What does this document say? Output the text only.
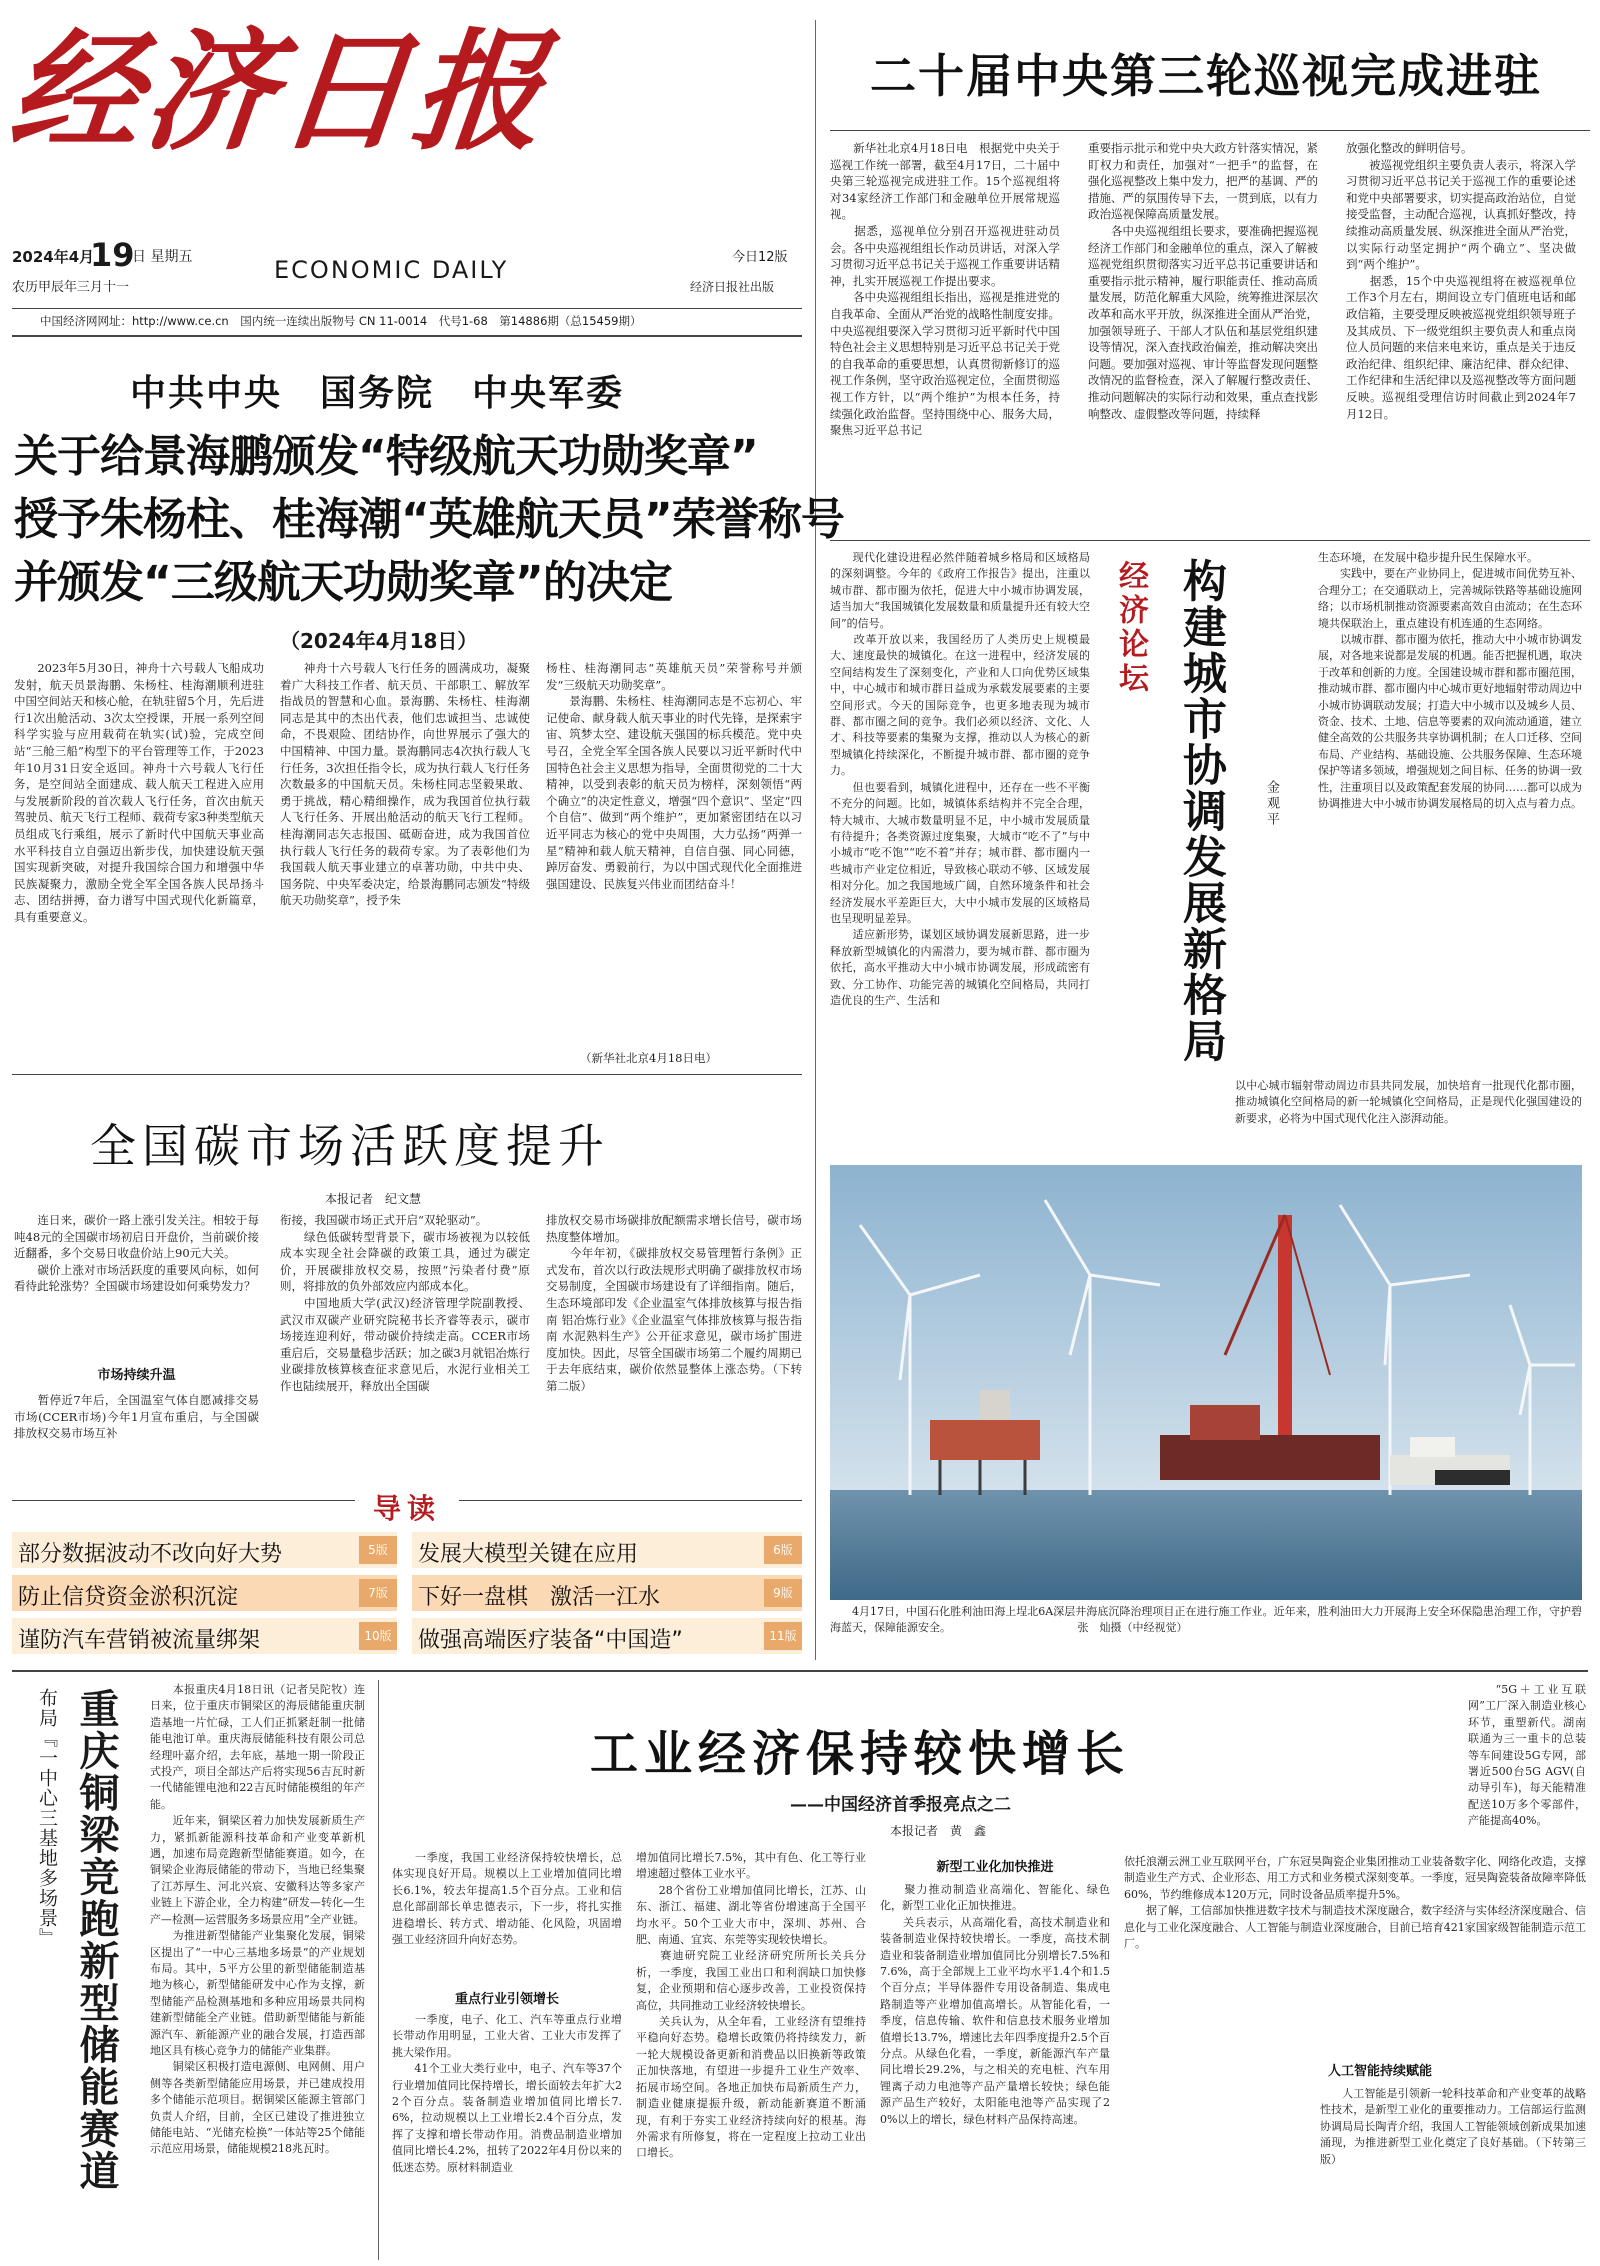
经济日报
2024年4月
19
日 星期五
农历甲辰年三月十一
ECONOMIC DAILY	今日12版
经济日报社出版
中国经济网网址：http://www.ce.cn　国内统一连续出版物号 CN 11-0014　代号1-68　第14886期（总15459期）
二十届中央第三轮巡视完成进驻
　　新华社北京4月18日电　根据党中央关于巡视工作统一部署，截至4月17日，二十届中央第三轮巡视完成进驻工作。15个巡视组将对34家经济工作部门和金融单位开展常规巡视。
　　据悉，巡视单位分别召开巡视进驻动员会。各中央巡视组组长作动员讲话，对深入学习贯彻习近平总书记关于巡视工作重要讲话精神，扎实开展巡视工作提出要求。
　　各中央巡视组组长指出，巡视是推进党的自我革命、全面从严治党的战略性制度安排。中央巡视组要深入学习贯彻习近平新时代中国特色社会主义思想特别是习近平总书记关于党的自我革命的重要思想，认真贯彻新修订的巡视工作条例，坚守政治巡视定位，全面贯彻巡视工作方针，以“两个维护”为根本任务，持续强化政治监督。坚持围绕中心、服务大局，聚焦习近平总书记
重要指示批示和党中央大政方针落实情况，紧盯权力和责任，加强对“一把手”的监督，在强化巡视整改上集中发力，把严的基调、严的措施、严的氛围传导下去，一贯到底，以有力政治巡视保障高质量发展。
　　各中央巡视组组长要求，要准确把握巡视经济工作部门和金融单位的重点，深入了解被巡视党组织贯彻落实习近平总书记重要讲话和重要指示批示精神，履行职能责任、推动高质量发展，防范化解重大风险，统筹推进深层次改革和高水平开放，纵深推进全面从严治党，加强领导班子、干部人才队伍和基层党组织建设等情况，深入查找政治偏差，推动解决突出问题。要加强对巡视、审计等监督发现问题整改情况的监督检查，深入了解履行整改责任、推动问题解决的实际行动和效果，重点查找影响整改、虚假整改等问题，持续释
放强化整改的鲜明信号。
　　被巡视党组织主要负责人表示，将深入学习贯彻习近平总书记关于巡视工作的重要论述和党中央部署要求，切实提高政治站位，自觉接受监督，主动配合巡视，认真抓好整改，持续推动高质量发展、纵深推进全面从严治党，以实际行动坚定拥护“两个确立”、坚决做到“两个维护”。
　　据悉，15个中央巡视组将在被巡视单位工作3个月左右，期间设立专门值班电话和邮政信箱，主要受理反映被巡视党组织领导班子及其成员、下一级党组织主要负责人和重点岗位人员问题的来信来电来访，重点是关于违反政治纪律、组织纪律、廉洁纪律、群众纪律、工作纪律和生活纪律以及巡视整改等方面问题反映。巡视组受理信访时间截止到2024年7月12日。
中共中央　国务院　中央军委
关于给景海鹏颁发“特级航天功勋奖章”
授予朱杨柱、桂海潮“英雄航天员”荣誉称号
并颁发“三级航天功勋奖章”的决定
（2024年4月18日）
　　2023年5月30日，神舟十六号载人飞船成功发射，航天员景海鹏、朱杨柱、桂海潮顺利进驻中国空间站天和核心舱，在轨驻留5个月，先后进行1次出舱活动、3次太空授课，开展一系列空间科学实验与应用载荷在轨实(试)验，完成空间站“三舱三船”构型下的平台管理等工作，于2023年10月31日安全返回。神舟十六号载人飞行任务，是空间站全面建成、载人航天工程进入应用与发展新阶段的首次载人飞行任务，首次由航天驾驶员、航天飞行工程师、载荷专家3种类型航天员组成飞行乘组，展示了新时代中国航天事业高水平科技自立自强迈出新步伐，加快建设航天强国实现新突破，对提升我国综合国力和增强中华民族凝聚力，激励全党全军全国各族人民昂扬斗志、团结拼搏，奋力谱写中国式现代化新篇章，具有重要意义。
　　神舟十六号载人飞行任务的圆满成功，凝聚着广大科技工作者、航天员、干部职工、解放军指战员的智慧和心血。景海鹏、朱杨柱、桂海潮同志是其中的杰出代表，他们忠诚担当、忠诚使命，不畏艰险、团结协作，向世界展示了强大的中国精神、中国力量。景海鹏同志4次执行载人飞行任务，3次担任指令长，成为执行载人飞行任务次数最多的中国航天员。朱杨柱同志坚毅果敢、勇于挑战，精心精细操作，成为我国首位执行载人飞行任务、开展出舱活动的航天飞行工程师。桂海潮同志矢志报国、砥砺奋进，成为我国首位执行载人飞行任务的载荷专家。为了表彰他们为我国载人航天事业建立的卓著功勋，中共中央、国务院、中央军委决定，给景海鹏同志颁发“特级航天功勋奖章”，授予朱
杨柱、桂海潮同志“英雄航天员”荣誉称号并颁发“三级航天功勋奖章”。
　　景海鹏、朱杨柱、桂海潮同志是不忘初心、牢记使命、献身载人航天事业的时代先锋，是探索宇宙、筑梦太空、建设航天强国的标兵模范。党中央号召，全党全军全国各族人民要以习近平新时代中国特色社会主义思想为指导，全面贯彻党的二十大精神，以受到表彰的航天员为榜样，深刻领悟“两个确立”的决定性意义，增强“四个意识”、坚定“四个自信”、做到“两个维护”，更加紧密团结在以习近平同志为核心的党中央周围，大力弘扬“两弹一星”精神和载人航天精神，自信自强、同心同德，踔厉奋发、勇毅前行，为以中国式现代化全面推进强国建设、民族复兴伟业而团结奋斗！
（新华社北京4月18日电）
全国碳市场活跃度提升
本报记者　纪文慧
　　连日来，碳价一路上涨引发关注。相较于每吨48元的全国碳市场初启日开盘价，当前碳价接近翻番，多个交易日收盘价站上90元大关。
　　碳价上涨对市场活跃度的重要风向标，如何看待此轮涨势？全国碳市场建设如何乘势发力？
市场持续升温
　　暂停近7年后，全国温室气体自愿减排交易市场(CCER市场)今年1月宣布重启，与全国碳排放权交易市场互补
衔接，我国碳市场正式开启“双轮驱动”。
　　绿色低碳转型背景下，碳市场被视为以较低成本实现全社会降碳的政策工具，通过为碳定价，开展碳排放权交易，按照“污染者付费”原则，将排放的负外部效应内部成本化。
　　中国地质大学(武汉)经济管理学院副教授、武汉市双碳产业研究院秘书长齐睿等表示，碳市场接连迎利好，带动碳价持续走高。CCER市场重启后，交易量稳步活跃；加之碳3月就铝冶炼行业碳排放核算核查征求意见后，水泥行业相关工作也陆续展开，释放出全国碳
排放权交易市场碳排放配额需求增长信号，碳市场热度整体增加。
　　今年年初，《碳排放权交易管理暂行条例》正式发布，首次以行政法规形式明确了碳排放权市场交易制度，全国碳市场建设有了详细指南。随后，生态环境部印发《企业温室气体排放核算与报告指南 铝冶炼行业》《企业温室气体排放核算与报告指南 水泥熟料生产》公开征求意见，碳市场扩围进度加快。因此，尽管全国碳市场第二个履约周期已于去年底结束，碳价依然显整体上涨态势。（下转第二版）
导读
部分数据波动不改向好大势	5版	发展大模型关键在应用	6版
防止信贷资金淤积沉淀	7版	下好一盘棋　激活一江水	9版
谨防汽车营销被流量绑架	10版 做强高端医疗装备“中国造”	11版
　　现代化建设进程必然伴随着城乡格局和区域格局的深刻调整。今年的《政府工作报告》提出，注重以城市群、都市圈为依托，促进大中小城市协调发展，适当加大“我国城镇化发展数量和质量提升还有较大空间”的信号。
　　改革开放以来，我国经历了人类历史上规模最大、速度最快的城镇化。在这一进程中，经济发展的空间结构发生了深刻变化，产业和人口向优势区域集中，中心城市和城市群日益成为承载发展要素的主要空间形式。今天的国际竞争，也更多地表现为城市群、都市圈之间的竞争。我们必须以经济、文化、人才、科技等要素的集聚为支撑，推动以人为核心的新型城镇化持续深化，不断提升城市群、都市圈的竞争力。
　　但也要看到，城镇化进程中，还存在一些不平衡不充分的问题。比如，城镇体系结构并不完全合理，特大城市、大城市数量明显不足，中小城市发展质量有待提升；各类资源过度集聚，大城市“吃不了”与中小城市“吃不饱”“吃不着”并存；城市群、都市圈内一些城市产业定位相近，导致核心联动不够、区域发展相对分化。加之我国地域广阔，自然环境条件和社会经济发展水平差距巨大，大中小城市发展的区域格局也呈现明显差异。
　　适应新形势，谋划区域协调发展新思路，进一步释放新型城镇化的内需潜力，要为城市群、都市圈为依托，高水平推动大中小城市协调发展，形成疏密有致、分工协作、功能完善的城镇化空间格局，共同打造优良的生产、生活和
经济论坛 构建城市协调发展新格局	金观平
生态环境，在发展中稳步提升民生保障水平。
　　实践中，要在产业协同上，促进城市间优势互补、合理分工；在交通联动上，完善城际铁路等基础设施网络；以市场机制推动资源要素高效自由流动；在生态环境共保联治上，重点建设有机连通的生态网络。
　　以城市群、都市圈为依托，推动大中小城市协调发展，对各地来说都是发展的机遇。能否把握机遇，取决于改革和创新的力度。全国建设城市群和都市圈范围，推动城市群、都市圈内中心城市更好地辐射带动周边中小城市协调联动发展；打造大中小城市以及城乡人员、资金、技术、土地、信息等要素的双向流动通道，建立健全高效的公共服务共享协调机制；在人口迁移、空间布局、产业结构、基础设施、公共服务保障、生态环境保护等诸多领域，增强规划之间目标、任务的协调一致性，注重项目以及政策配套发展的协同……都可以成为协调推进大中小城市协调发展格局的切入点与着力点。
以中心城市辐射带动周边市县共同发展，加快培育一批现代化都市圈，推动城镇化空间格局的新一轮城镇化空间格局，正是现代化强国建设的新要求，必将为中国式现代化注入澎湃动能。
　　4月17日，中国石化胜利油田海上埕北6A深层井海底沉降治理项目正在进行施工作业。近年来，胜利油田大力开展海上安全环保隐患治理工作，守护碧海蓝天，保障能源安全。　　　　　　　　　　　　张　灿摄（中经视觉）
布局『一中心三基地多场景』 重庆铜梁竞跑新型储能赛道	　　本报重庆4月18日讯（记者吴陀牧）连日来，位于重庆市铜梁区的海辰储能重庆制造基地一片忙碌，工人们正抓紧赶制一批储能电池订单。重庆海辰储能科技有限公司总经理叶嘉介绍，去年底，基地一期一阶段正式投产，项目全部达产后将实现56吉瓦时新一代储能锂电池和22吉瓦时储能模组的年产能。
　　近年来，铜梁区着力加快发展新质生产力，紧抓新能源科技革命和产业变革新机遇，加速布局竞跑新型储能赛道。如今，在铜梁企业海辰储能的带动下，当地已经集聚了江苏厚生、河北兴宸、安徽科达等多家产业链上下游企业，全力构建“研发—转化—生产—检测—运营服务多场景应用”全产业链。
　　为推进新型储能产业集聚化发展，铜梁区提出了“一中心三基地多场景”的产业规划布局。其中，5平方公里的新型储能制造基地为核心，新型储能研发中心作为支撑，新型储能产品检测基地和多种应用场景共同构建新型储能全产业链。借助新型储能与新能源汽车、新能源产业的融合发展，打造西部地区具有核心竞争力的储能产业集群。
　　铜梁区积极打造电源侧、电网侧、用户侧等各类新型储能应用场景，并已建成投用多个储能示范项目。据铜梁区能源主管部门负责人介绍，目前，全区已建设了推进独立储能电站、“光储充检换”一体站等25个储能示范应用场景，储能规模218兆瓦时。
工业经济保持较快增长
——中国经济首季报亮点之二
本报记者　黄　鑫
　　一季度，我国工业经济保持较快增长，总体实现良好开局。规模以上工业增加值同比增长6.1%，较去年提高1.5个百分点。工业和信息化部副部长单忠德表示，下一步，将扎实推进稳增长、转方式、增动能、化风险，巩固增强工业经济回升向好态势。
重点行业引领增长
　　一季度，电子、化工、汽车等重点行业增长带动作用明显，工业大省、工业大市发挥了挑大梁作用。
　　41个工业大类行业中，电子、汽车等37个行业增加值同比保持增长，增长面较去年扩大22个百分点。装备制造业增加值同比增长7.6%，拉动规模以上工业增长2.4个百分点，发挥了支撑和增长带动作用。消费品制造业增加值同比增长4.2%，扭转了2022年4月份以来的低迷态势。原材料制造业
增加值同比增长7.5%，其中有色、化工等行业增速超过整体工业水平。
　　28个省份工业增加值同比增长，江苏、山东、浙江、福建、湖北等省份增速高于全国平均水平。50个工业大市中，深圳、苏州、合肥、南通、宜宾、东莞等实现较快增长。
　　赛迪研究院工业经济研究所所长关兵分析，一季度，我国工业出口和利润缺口加快修复，企业预期和信心逐步改善，工业投资保持高位，共同推动工业经济较快增长。
　　关兵认为，从全年看，工业经济有望维持平稳向好态势。稳增长政策仍将持续发力，新一轮大规模设备更新和消费品以旧换新等政策正加快落地，有望进一步提升工业生产效率、拓展市场空间。各地正加快布局新质生产力，制造业健康提振升级，新动能新赛道不断涌现，有利于夯实工业经济持续向好的根基。海外需求有所修复，将在一定程度上拉动工业出口增长。
新型工业化加快推进
　　聚力推动制造业高端化、智能化、绿色化，新型工业化正加快推进。
　　关兵表示，从高端化看，高技术制造业和装备制造业保持较快增长。一季度，高技术制造业和装备制造业增加值同比分别增长7.5%和7.6%，高于全部规上工业平均水平1.4个和1.5个百分点；半导体器件专用设备制造、集成电路制造等产业增加值高增长。从智能化看，一季度，信息传输、软件和信息技术服务业增加值增长13.7%，增速比去年四季度提升2.5个百分点。从绿色化看，一季度，新能源汽车产量同比增长29.2%，与之相关的充电桩、汽车用锂离子动力电池等产品产量增长较快；绿色能源产品生产较好，太阳能电池等产品实现了20%以上的增长，绿色材料产品保持高速。
　　“5G＋工业互联网”工厂深入制造业核心环节，重塑新代。湖南联通为三一重卡的总装等车间建设5G专网，部署近500台5G AGV(自动导引车)，每天能精准配送10万多个零部件，产能提高40%。
依托浪潮云洲工业互联网平台，广东冠昊陶瓷企业集团推动工业装备数字化、网络化改造，支撑制造业生产方式、企业形态、用工方式和业务模式深刻变革。一季度，冠昊陶瓷装备故障率降低60%，节约维修成本120万元，同时设备品质率提升5%。
　　据了解，工信部加快推进数字技术与制造技术深度融合，数字经济与实体经济深度融合、信息化与工业化深度融合、人工智能与制造业深度融合，目前已培育421家国家级智能制造示范工厂。
人工智能持续赋能
　　人工智能是引领新一轮科技革命和产业变革的战略性技术，是新型工业化的重要推动力。工信部运行监测协调局局长陶青介绍，我国人工智能领域创新成果加速涌现，为推进新型工业化奠定了良好基础。（下转第三版）
